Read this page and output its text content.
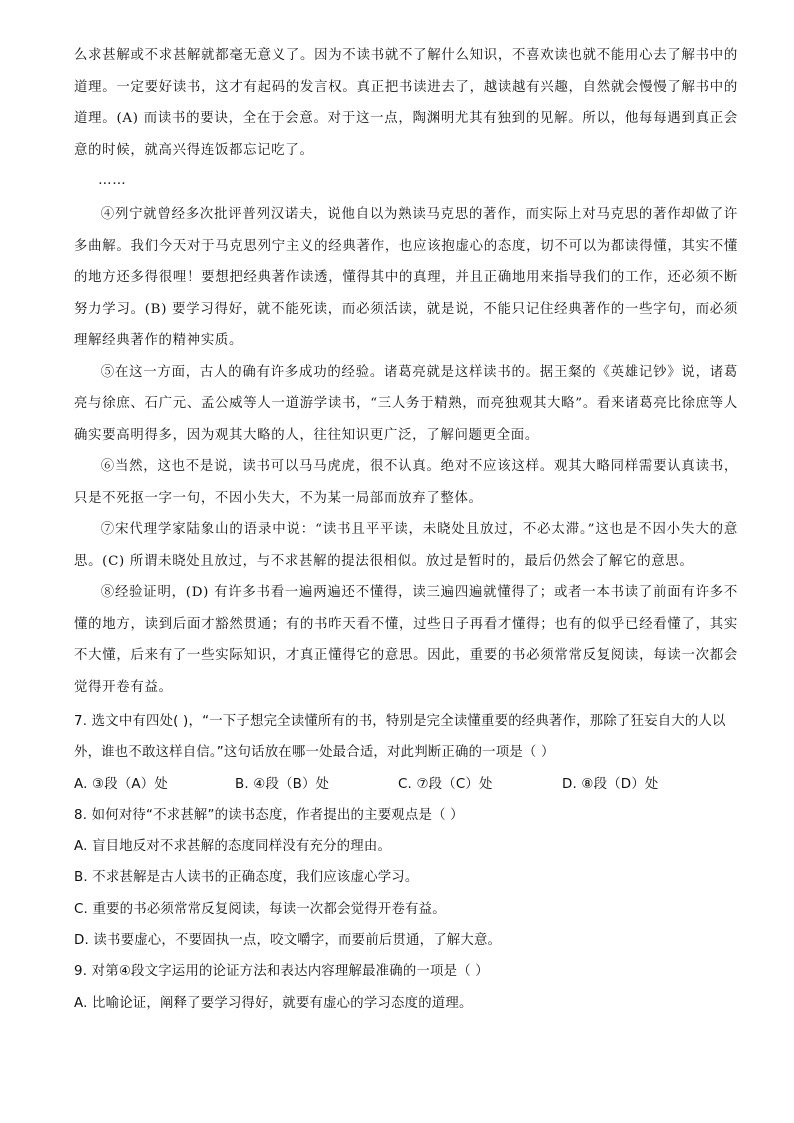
么求甚解或不求甚解就都毫无意义了。因为不读书就不了解什么知识，不喜欢读也就不能用心去了解书中的道理。一定要好读书，这才有起码的发言权。真正把书读进去了，越读越有兴趣，自然就会慢慢了解书中的道理。(A) 而读书的要诀，全在于会意。对于这一点，陶渊明尤其有独到的见解。所以，他每每遇到真正会意的时候，就高兴得连饭都忘记吃了。

……

④列宁就曾经多次批评普列汉诺夫，说他自以为熟读马克思的著作，而实际上对马克思的著作却做了许多曲解。我们今天对于马克思列宁主义的经典著作，也应该抱虚心的态度，切不可以为都读得懂，其实不懂的地方还多得很哩！要想把经典著作读透，懂得其中的真理，并且正确地用来指导我们的工作，还必须不断努力学习。(B) 要学习得好，就不能死读，而必须活读，就是说，不能只记住经典著作的一些字句，而必须理解经典著作的精神实质。

⑤在这一方面，古人的确有许多成功的经验。诸葛亮就是这样读书的。据王粲的《英雄记钞》说，诸葛亮与徐庶、石广元、孟公威等人一道游学读书，“三人务于精熟，而亮独观其大略”。看来诸葛亮比徐庶等人确实要高明得多，因为观其大略的人，往往知识更广泛，了解问题更全面。

⑥当然，这也不是说，读书可以马马虎虎，很不认真。绝对不应该这样。观其大略同样需要认真读书，只是不死抠一字一句，不因小失大，不为某一局部而放弃了整体。

⑦宋代理学家陆象山的语录中说：“读书且平平读，未晓处且放过，不必太滞。”这也是不因小失大的意思。(C) 所谓未晓处且放过，与不求甚解的提法很相似。放过是暂时的，最后仍然会了解它的意思。

⑧经验证明，(D) 有许多书看一遍两遍还不懂得，读三遍四遍就懂得了；或者一本书读了前面有许多不懂的地方，读到后面才豁然贯通；有的书昨天看不懂，过些日子再看才懂得；也有的似乎已经看懂了，其实不大懂，后来有了一些实际知识，才真正懂得它的意思。因此，重要的书必须常常反复阅读，每读一次都会觉得开卷有益。

7. 选文中有四处( )，“一下子想完全读懂所有的书，特别是完全读懂重要的经典著作，那除了狂妄自大的人以外，谁也不敢这样自信。”这句话放在哪一处最合适，对此判断正确的一项是（ ）

A. ③段（A）处	B. ④段（B）处	C. ⑦段（C）处	D. ⑧段（D）处

8. 如何对待“不求甚解”的读书态度，作者提出的主要观点是（ ）

A. 盲目地反对不求甚解的态度同样没有充分的理由。

B. 不求甚解是古人读书的正确态度，我们应该虚心学习。

C. 重要的书必须常常反复阅读，每读一次都会觉得开卷有益。

D. 读书要虚心，不要固执一点，咬文嚼字，而要前后贯通，了解大意。

9. 对第④段文字运用的论证方法和表达内容理解最准确的一项是（ ）

A. 比喻论证，阐释了要学习得好，就要有虚心的学习态度的道理。
